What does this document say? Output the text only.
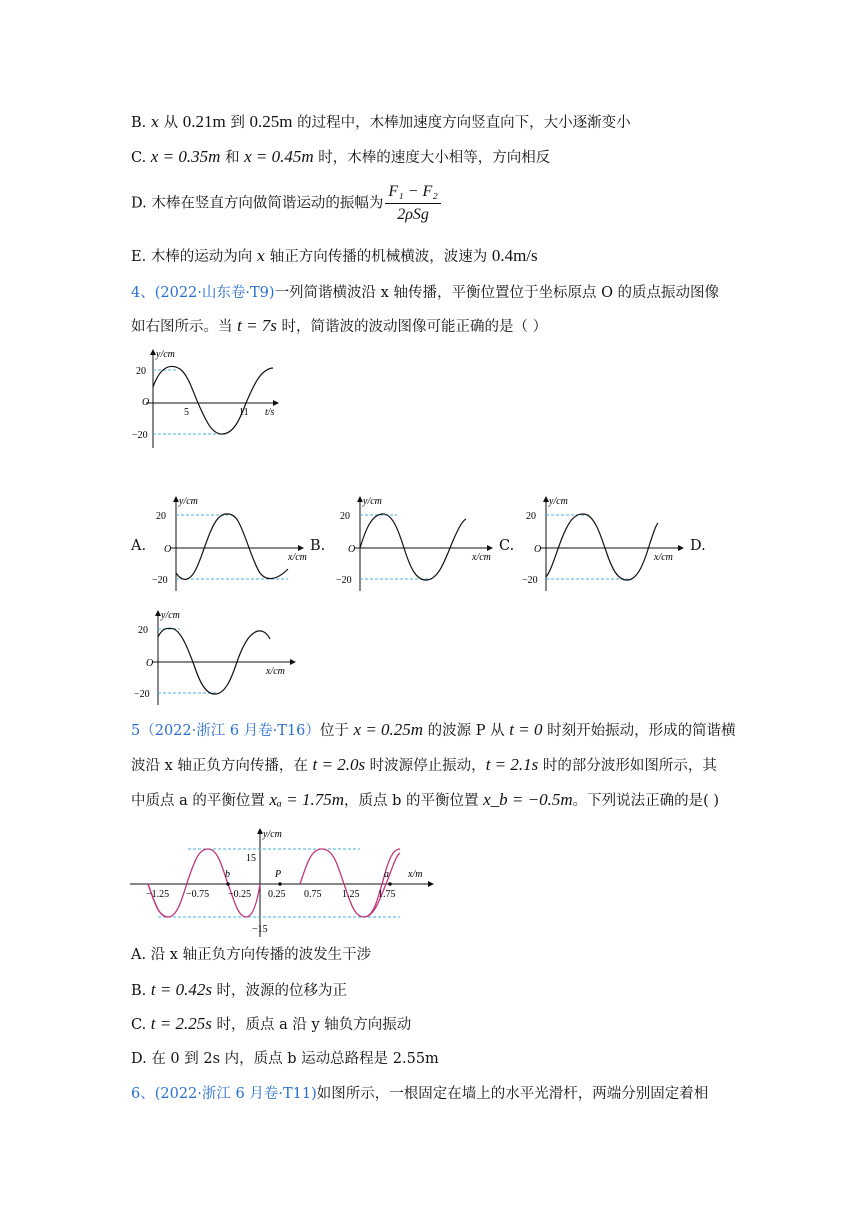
B. x 从 0.21m 到 0.25m 的过程中，木棒加速度方向竖直向下，大小逐渐变小
C. x = 0.35m 和 x = 0.45m 时，木棒的速度大小相等，方向相反
D. 木棒在竖直方向做简谐运动的振幅为 $\frac{\text{F₁ − F₂}}{\text{2ρSg}}$
E. 木棒的运动为向 x 轴正方向传播的机械横波，波速为 0.4m/s
4、(2022·山东卷·T9)一列简谐横波沿 x 轴传播，平衡位置位于坐标原点 O 的质点振动图像
如右图所示。当 t = 7s 时，简谐波的波动图像可能正确的是（ ）
y/cm
20
−20
O
5	11 t/s
A.
y/cm
20
−20
O
x/cm
B.
y/cm
20
−20
O
x/cm
C.
y/cm
20
−20
O
x/cm
D.
y/cm
20
−20
O
x/cm
5（2022·浙江 6 月卷·T16）位于 x = 0.25m 的波源 P 从 t = 0 时刻开始振动，形成的简谐横
波沿 x 轴正负方向传播，在 t = 2.0s 时波源停止振动，t = 2.1s 时的部分波形如图所示，其
中质点 a 的平衡位置 xₐ = 1.75m，质点 b 的平衡位置 x_b = −0.5m。下列说法正确的是( )
y/cm
15
−15
P
b	a x/m
−1.25 −0.75 −0.25 0.25 0.75 1.25 1.75
A. 沿 x 轴正负方向传播的波发生干涉
B. t = 0.42s 时，波源的位移为正
C. t = 2.25s 时，质点 a 沿 y 轴负方向振动
D. 在 0 到 2s 内，质点 b 运动总路程是 2.55m
6、(2022·浙江 6 月卷·T11)如图所示，一根固定在墙上的水平光滑杆，两端分别固定着相
